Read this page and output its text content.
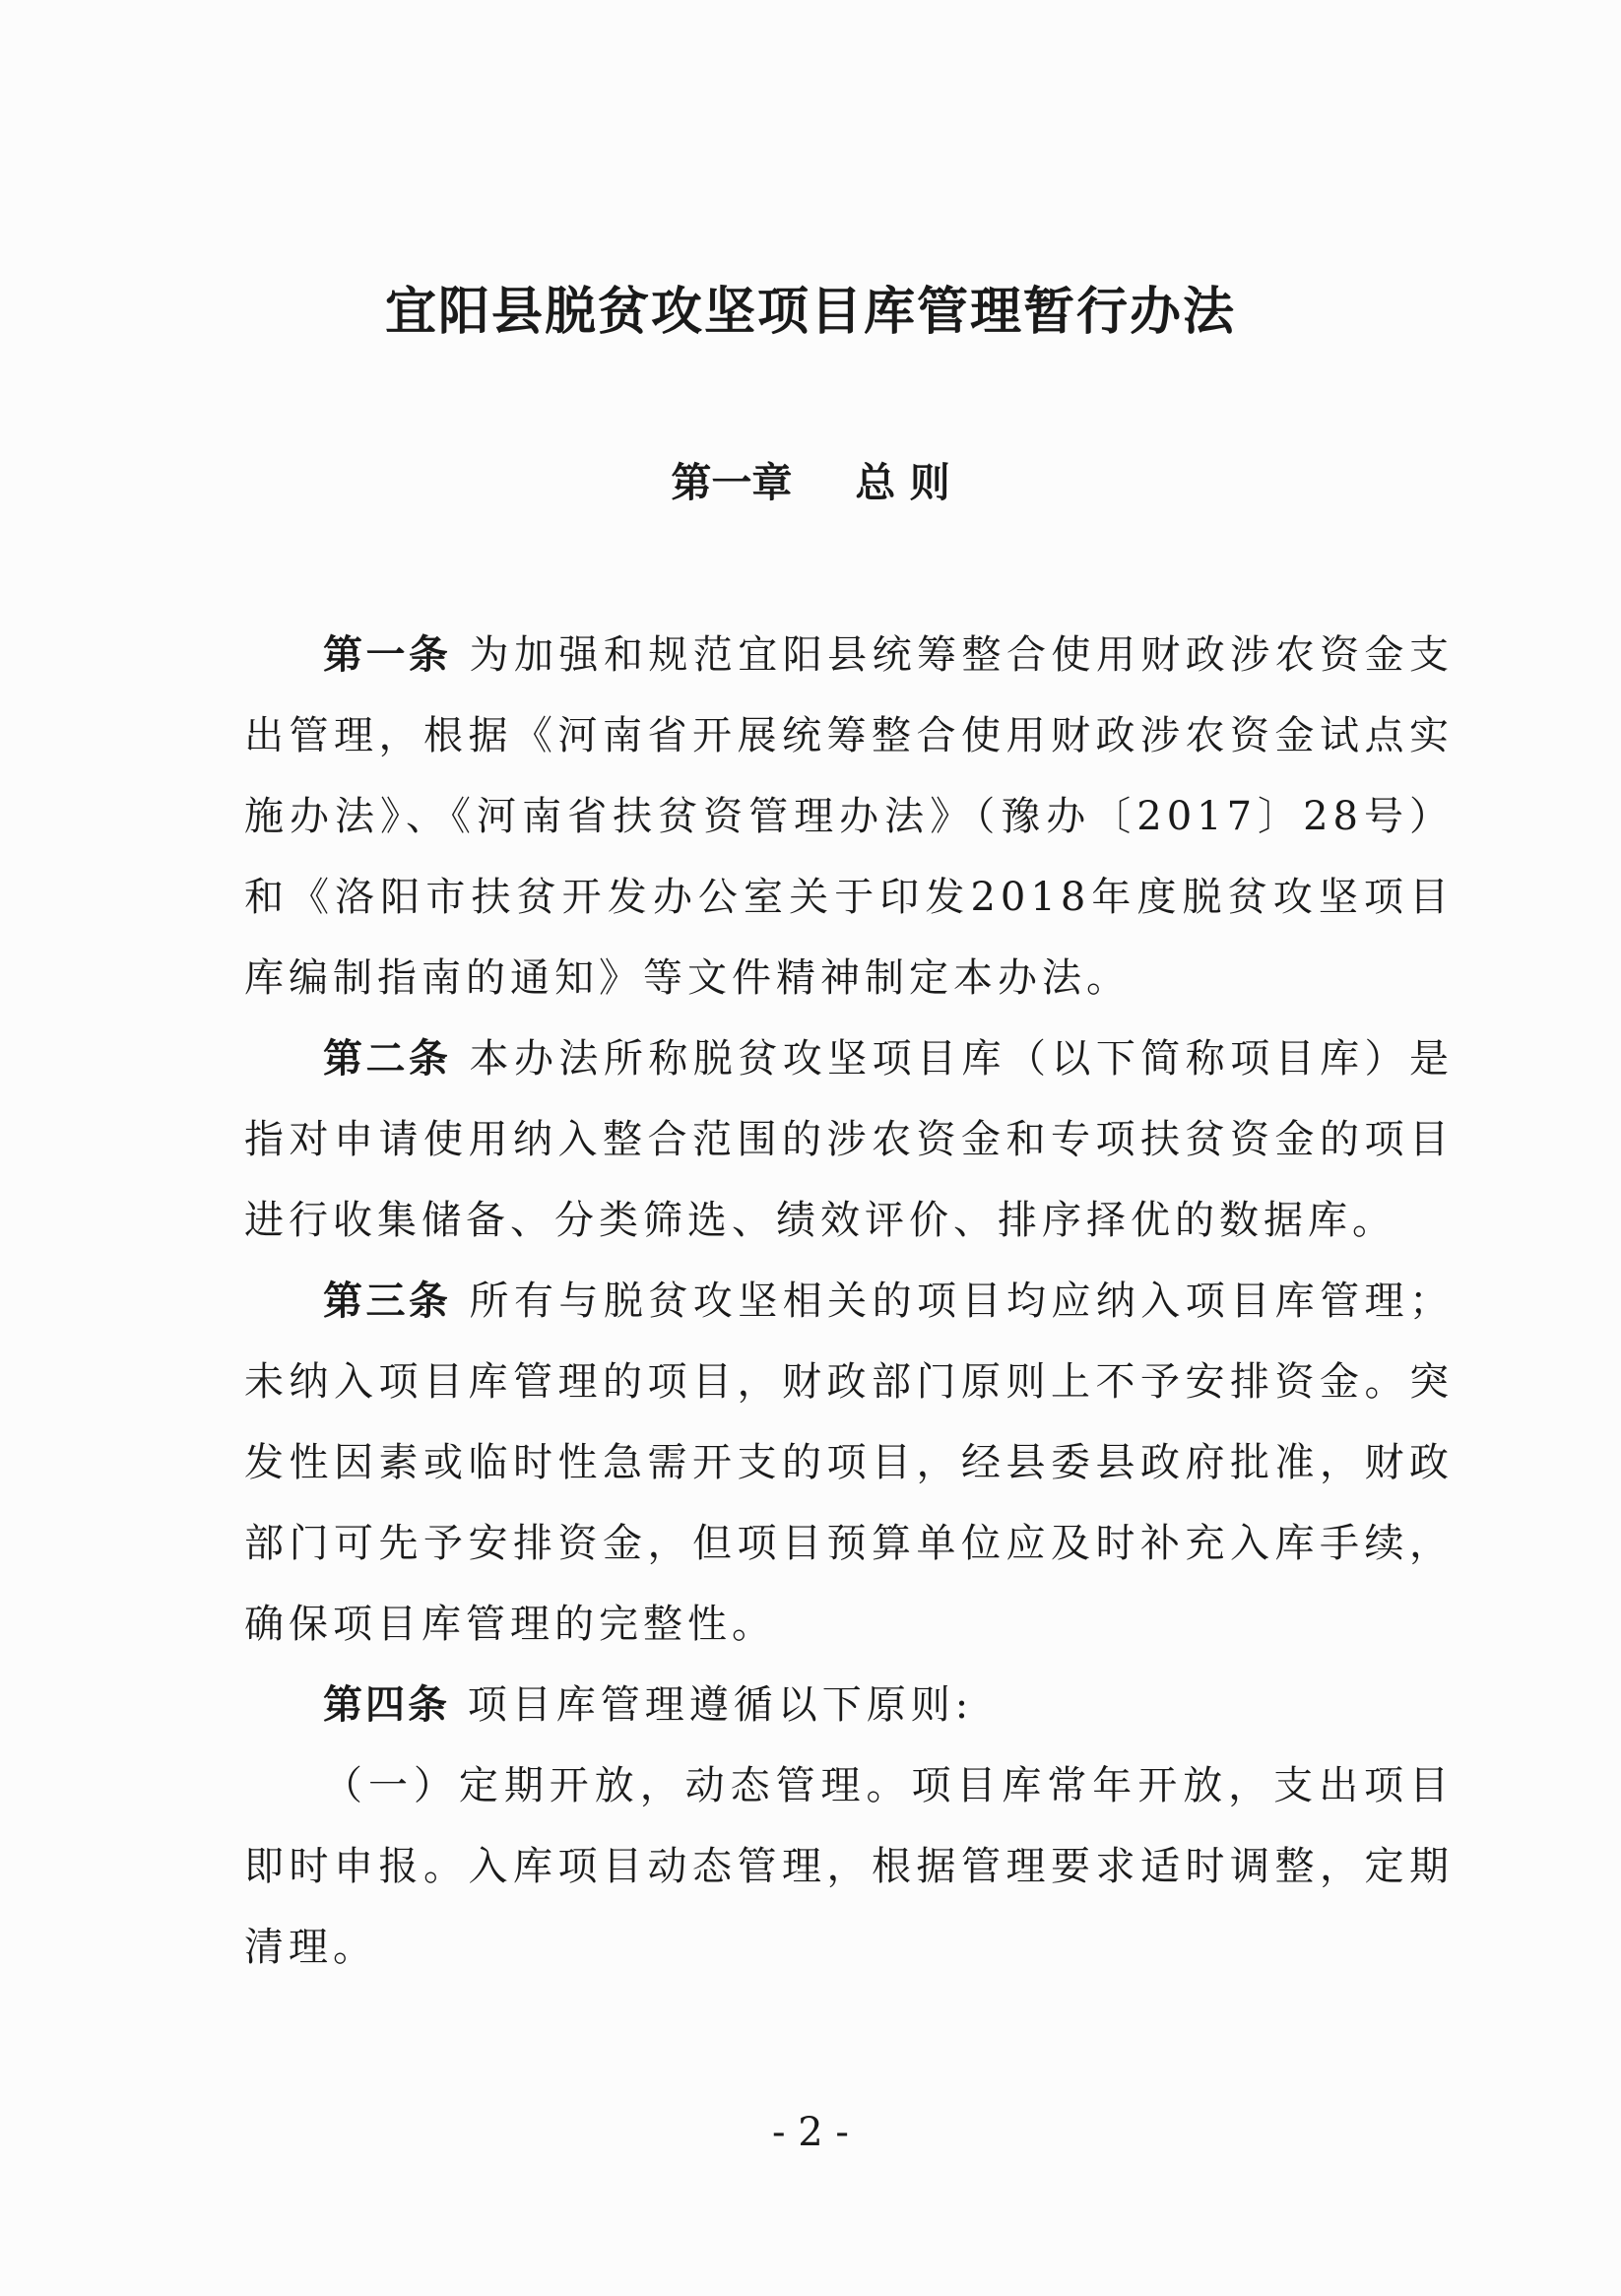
宜阳县脱贫攻坚项目库管理暂行办法
第一章 总 则

第一条 为加强和规范宜阳县统筹整合使用财政涉农资金支出管理，根据《河南省开展统筹整合使用财政涉农资金试点实施办法》、《河南省扶贫资管理办法》（豫办〔2017〕28号）和《洛阳市扶贫开发办公室关于印发2018年度脱贫攻坚项目库编制指南的通知》等文件精神制定本办法。

第二条 本办法所称脱贫攻坚项目库（以下简称项目库）是指对申请使用纳入整合范围的涉农资金和专项扶贫资金的项目进行收集储备、分类筛选、绩效评价、排序择优的数据库。

第三条 所有与脱贫攻坚相关的项目均应纳入项目库管理；未纳入项目库管理的项目，财政部门原则上不予安排资金。突发性因素或临时性急需开支的项目，经县委县政府批准，财政部门可先予安排资金，但项目预算单位应及时补充入库手续，确保项目库管理的完整性。

第四条 项目库管理遵循以下原则:

（一）定期开放，动态管理。项目库常年开放，支出项目即时申报。入库项目动态管理，根据管理要求适时调整，定期清理。

- 2 -
